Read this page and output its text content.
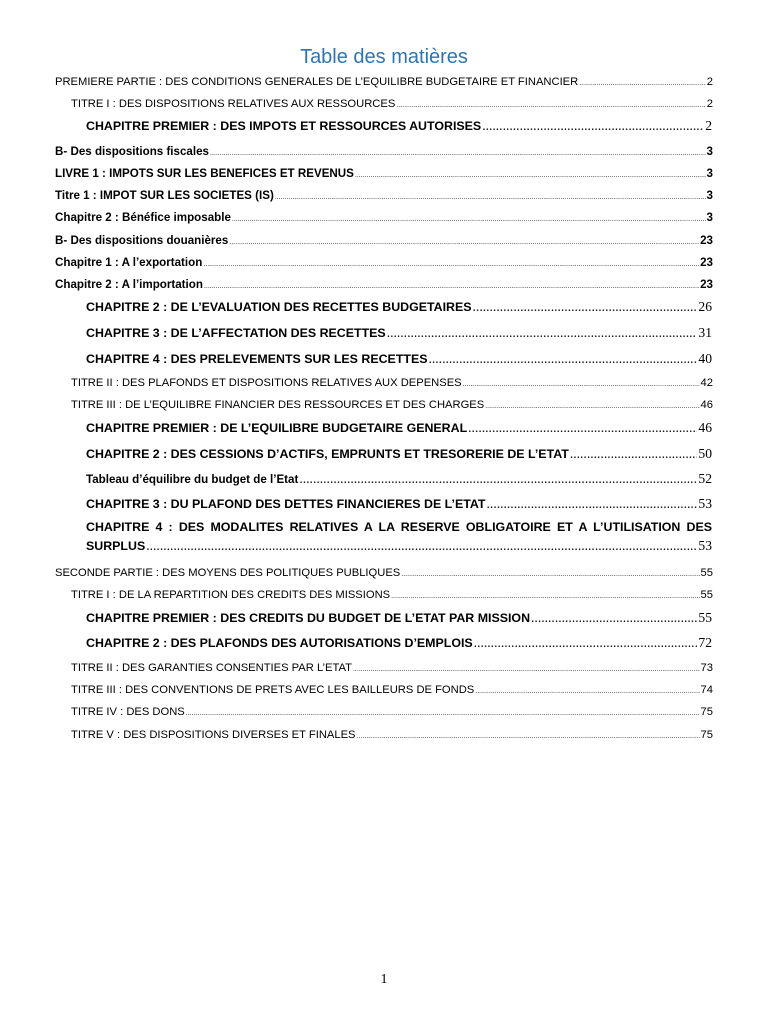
Table des matières
PREMIERE PARTIE : DES CONDITIONS GENERALES DE L’EQUILIBRE BUDGETAIRE ET FINANCIER .....	2
TITRE I : DES DISPOSITIONS RELATIVES AUX RESSOURCES .....	2
CHAPITRE PREMIER : DES IMPOTS ET RESSOURCES AUTORISES .....	2
B- Des dispositions fiscales .....	3
LIVRE 1 : IMPOTS SUR LES BENEFICES ET REVENUS .....	3
Titre 1 : IMPOT SUR LES SOCIETES (IS) .....	3
Chapitre 2 : Bénéfice imposable .....	3
B- Des dispositions douanières .....	23
Chapitre 1 : A l’exportation .....	23
Chapitre 2 : A l’importation .....	23
CHAPITRE 2 : DE L’EVALUATION DES RECETTES BUDGETAIRES .....	26
CHAPITRE 3 : DE L’AFFECTATION DES RECETTES .....	31
CHAPITRE 4 : DES PRELEVEMENTS SUR LES RECETTES .....	40
TITRE II : DES PLAFONDS ET DISPOSITIONS RELATIVES AUX DEPENSES .....	42
TITRE III : DE L’EQUILIBRE FINANCIER DES RESSOURCES ET DES CHARGES .....	46
CHAPITRE PREMIER : DE L’EQUILIBRE BUDGETAIRE GENERAL .....	46
CHAPITRE 2 : DES CESSIONS D’ACTIFS, EMPRUNTS ET TRESORERIE DE L’ETAT .....	50
Tableau d’équilibre du budget de l’Etat .....	52
CHAPITRE 3 : DU PLAFOND DES DETTES FINANCIERES DE L’ETAT .....	53
CHAPITRE 4 : DES MODALITES RELATIVES A LA RESERVE OBLIGATOIRE ET A L’UTILISATION DES
SURPLUS .....	53
SECONDE PARTIE : DES MOYENS DES POLITIQUES PUBLIQUES .....	55
TITRE I : DE LA REPARTITION DES CREDITS DES MISSIONS .....	55
CHAPITRE PREMIER : DES CREDITS DU BUDGET DE L’ETAT PAR MISSION .....	55
CHAPITRE 2 : DES PLAFONDS DES AUTORISATIONS D’EMPLOIS .....	72
TITRE II : DES GARANTIES CONSENTIES PAR L’ETAT .....	73
TITRE III : DES CONVENTIONS DE PRETS AVEC LES BAILLEURS DE FONDS .....	74
TITRE IV : DES DONS .....	75
TITRE V : DES DISPOSITIONS DIVERSES ET FINALES .....	75
1
